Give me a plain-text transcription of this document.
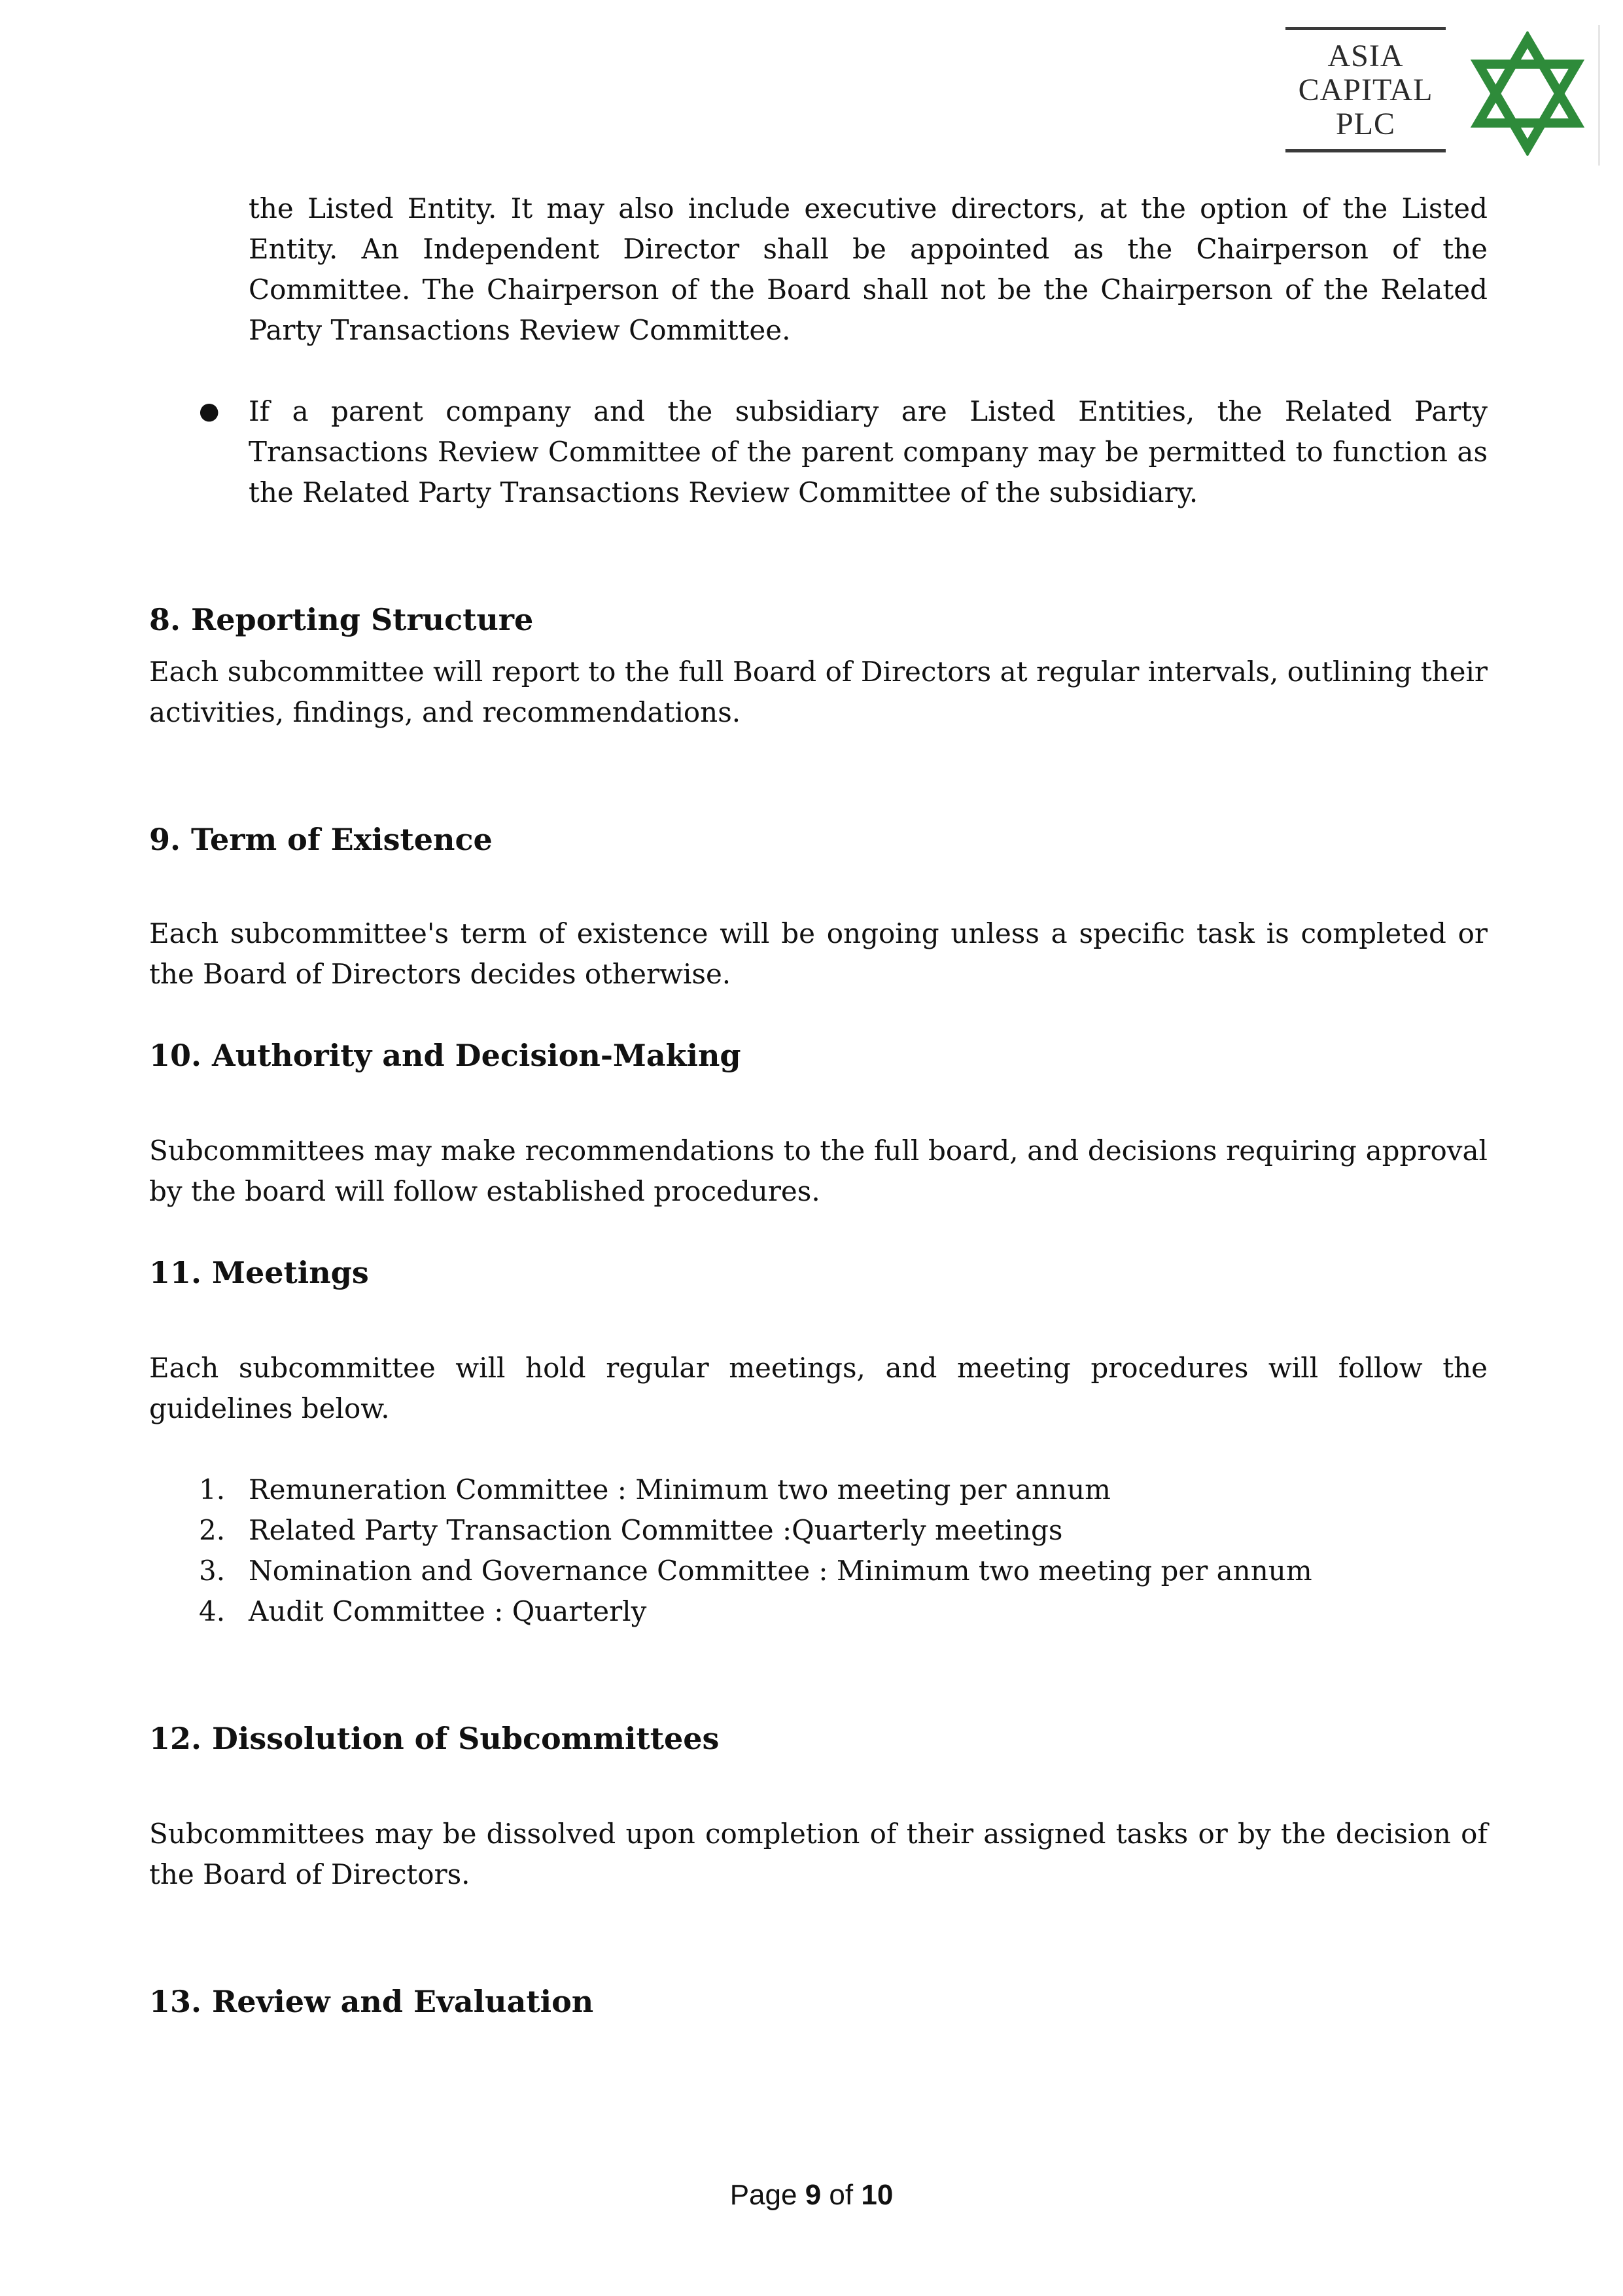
ASIA
CAPITAL
PLC

the Listed Entity. It may also include executive directors, at the option of the Listed Entity. An Independent Director shall be appointed as the Chairperson of the Committee. The Chairperson of the Board shall not be the Chairperson of the Related Party Transactions Review Committee.

● If a parent company and the subsidiary are Listed Entities, the Related Party Transactions Review Committee of the parent company may be permitted to function as the Related Party Transactions Review Committee of the subsidiary.

8. Reporting Structure

Each subcommittee will report to the full Board of Directors at regular intervals, outlining their activities, findings, and recommendations.

9. Term of Existence

Each subcommittee's term of existence will be ongoing unless a specific task is completed or the Board of Directors decides otherwise.

10. Authority and Decision-Making

Subcommittees may make recommendations to the full board, and decisions requiring approval by the board will follow established procedures.

11. Meetings

Each subcommittee will hold regular meetings, and meeting procedures will follow the guidelines below.

1. Remuneration Committee : Minimum two meeting per annum
2. Related Party Transaction Committee :Quarterly meetings
3. Nomination and Governance Committee : Minimum two meeting per annum
4. Audit Committee : Quarterly
12. Dissolution of Subcommittees

Subcommittees may be dissolved upon completion of their assigned tasks or by the decision of the Board of Directors.

13. Review and Evaluation
Page 9 of 10
